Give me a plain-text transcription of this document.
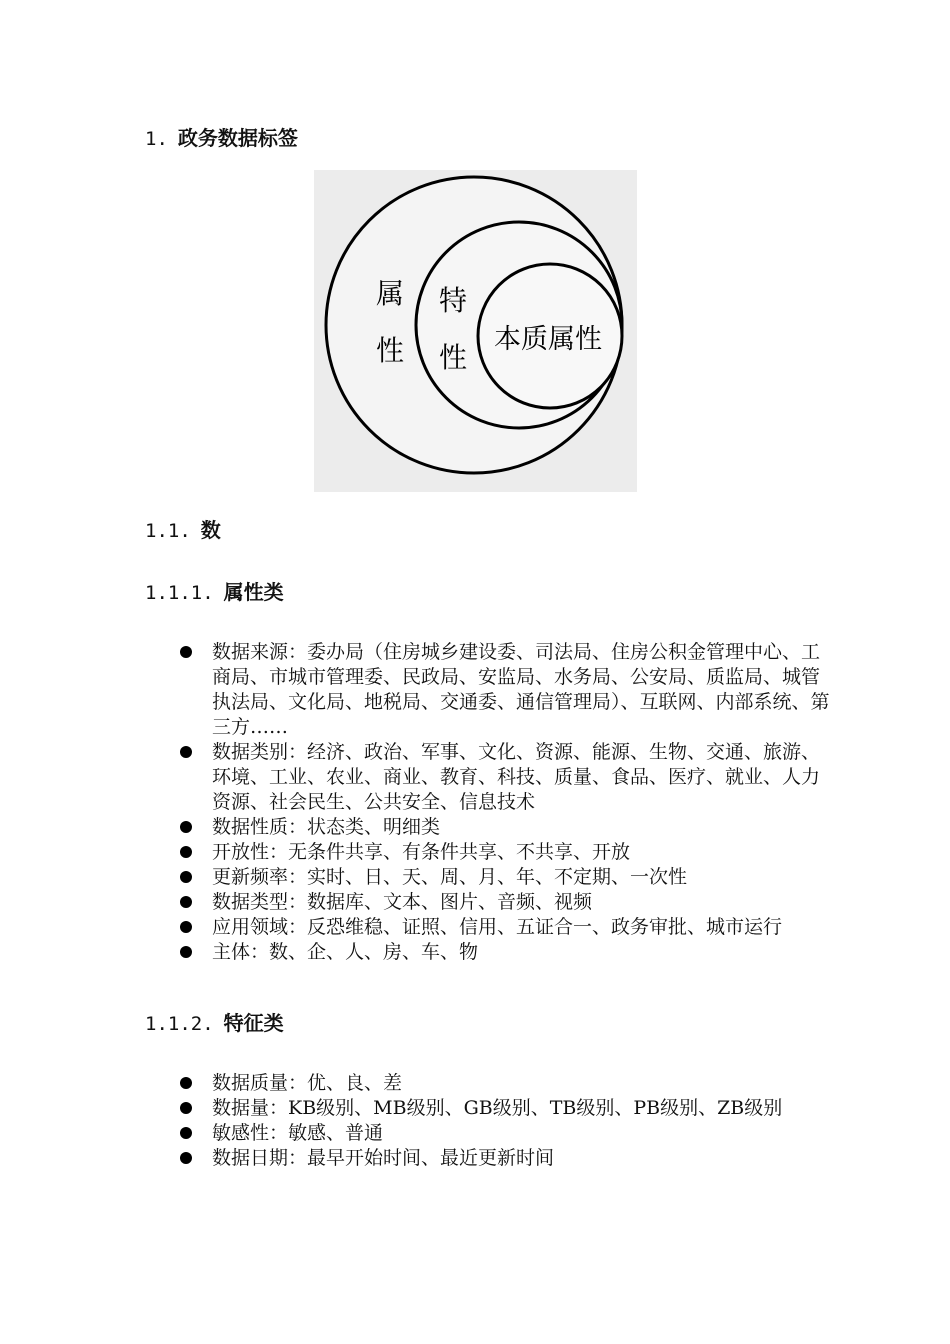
1. 政务数据标签
属
性
特
性
本质属性
1.1. 数
1.1.1. 属性类
数据来源：委办局（住房城乡建设委、司法局、住房公积金管理中心、工商局、市城市管理委、民政局、安监局、水务局、公安局、质监局、城管执法局、文化局、地税局、交通委、通信管理局）、互联网、内部系统、第三方……
数据类别：经济、政治、军事、文化、资源、能源、生物、交通、旅游、环境、工业、农业、商业、教育、科技、质量、食品、医疗、就业、人力资源、社会民生、公共安全、信息技术
数据性质：状态类、明细类
开放性：无条件共享、有条件共享、不共享、开放
更新频率：实时、日、天、周、月、年、不定期、一次性
数据类型：数据库、文本、图片、音频、视频
应用领域：反恐维稳、证照、信用、五证合一、政务审批、城市运行
主体：数、企、人、房、车、物
1.1.2. 特征类
数据质量：优、良、差
数据量：KB级别、MB级别、GB级别、TB级别、PB级别、ZB级别
敏感性：敏感、普通
数据日期：最早开始时间、最近更新时间
